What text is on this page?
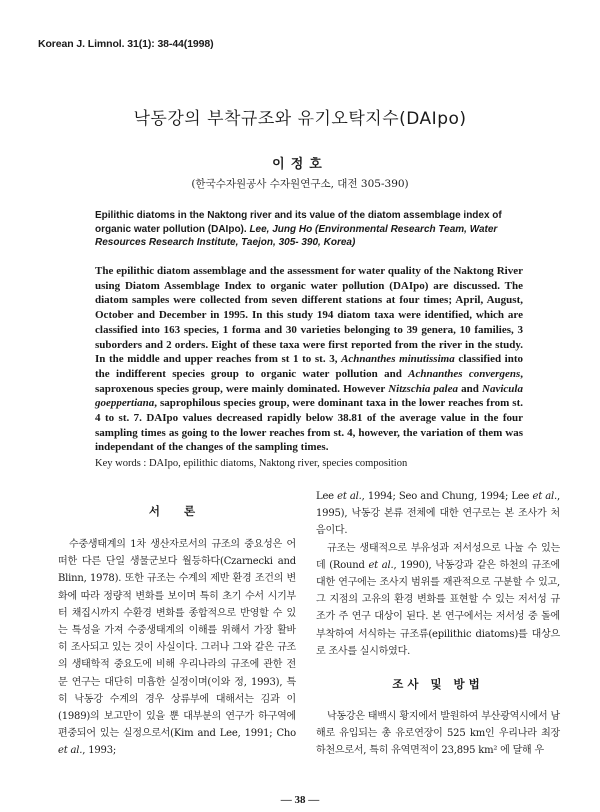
Korean J. Limnol. 31(1): 38-44(1998)
낙동강의 부착규조와 유기오탁지수(DAIpo)
이정호
(한국수자원공사 수자원연구소, 대전 305-390)
Epilithic diatoms in the Naktong river and its value of the diatom assemblage index of organic water pollution (DAIpo). Lee, Jung Ho (Environmental Research Team, Water Resources Research Institute, Taejon, 305- 390, Korea)
The epilithic diatom assemblage and the assessment for water quality of the Naktong River using Diatom Assemblage Index to organic water pollution (DAIpo) are discussed. The diatom samples were collected from seven different stations at four times; April, August, October and December in 1995. In this study 194 diatom taxa were identified, which are classified into 163 species, 1 forma and 30 varieties belonging to 39 genera, 10 families, 3 suborders and 2 orders. Eight of these taxa were first reported from the river in the study. In the middle and upper reaches from st 1 to st. 3, Achnanthes minutissima classified into the indifferent species group to organic water pollution and Achnanthes convergens, saproxenous species group, were mainly dominated. However Nitzschia palea and Navicula goeppertiana, saprophilous species group, were dominant taxa in the lower reaches from st. 4 to st. 7. DAIpo values decreased rapidly below 38.81 of the average value in the four sampling times as going to the lower reaches from st. 4, however, the variation of them was independant of the changes of the sampling times.
Key words : DAIpo, epilithic diatoms, Naktong river, species composition
서 론

수중생태계의 1차 생산자로서의 규조의 중요성은 어떠한 다른 단일 생물군보다 월등하다(Czarnecki and Blinn, 1978). 또한 규조는 수계의 제반 환경 조건의 변화에 따라 정량적 변화를 보이며 특히 초기 수서 시기부터 채집시까지 수환경 변화를 종합적으로 반영할 수 있는 특성을 가져 수중생태계의 이해를 위해서 가장 활바히 조사되고 있는 것이 사실이다. 그러나 그와 같은 규조의 생태학적 중요도에 비해 우리나라의 규조에 관한 전문 연구는 대단히 미흡한 실정이며(이와 정, 1993), 특히 낙동강 수계의 경우 상류부에 대해서는 김과 이(1989)의 보고만이 있을 뿐 대부분의 연구가 하구역에 편중되어 있는 실정으로서(Kim and Lee, 1991; Cho et al., 1993;

Lee et al., 1994; Seo and Chung, 1994; Lee et al., 1995), 낙동강 본류 전체에 대한 연구로는 본 조사가 처음이다.

규조는 생태적으로 부유성과 저서성으로 나눌 수 있는데 (Round et al., 1990), 낙동강과 같은 하천의 규조에 대한 연구에는 조사지 범위를 재관적으로 구분할 수 있고, 그 지점의 고유의 환경 변화를 표현할 수 있는 저서성 규조가 주 연구 대상이 된다. 본 연구에서는 저서성 중 돌에 부착하여 서식하는 규조류(epilithic diatoms)를 대상으로 조사를 실시하였다.

조사 및 방법

낙동강은 태백시 황지에서 발원하여 부산광역시에서 남해로 유입되는 총 유로연장이 525 km인 우리나라 최장 하천으로서, 특히 유역면적이 23,895 km² 에 달해 우

— 38 —
